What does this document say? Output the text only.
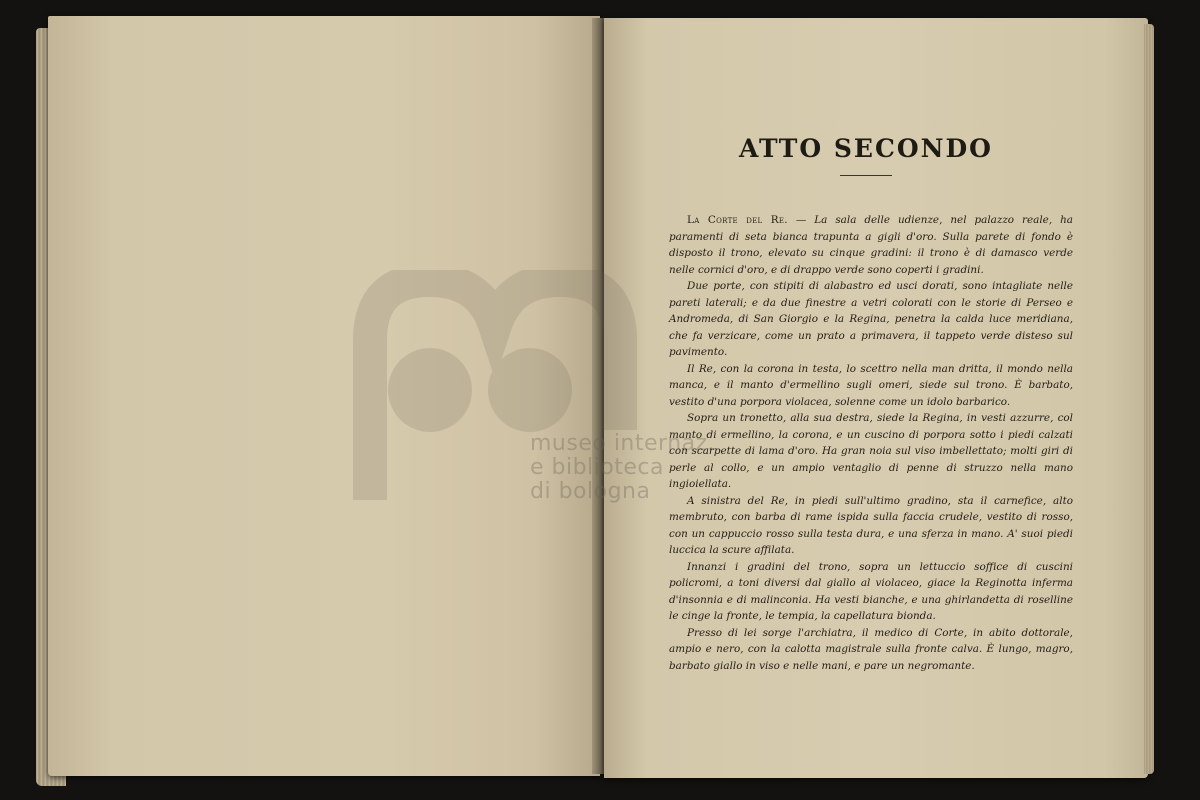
museo internaz.
e biblioteca
di bologna
ATTO SECONDO

La Corte del Re. — La sala delle udienze, nel palazzo reale, ha paramenti di seta bianca trapunta a gigli d'oro. Sulla parete di fondo è disposto il trono, elevato su cinque gradini: il trono è di damasco verde nelle cornici d'oro, e di drappo verde sono coperti i gradini.

Due porte, con stipiti di alabastro ed usci dorati, sono intagliate nelle pareti laterali; e da due finestre a vetri colorati con le storie di Perseo e Andromeda, di San Giorgio e la Regina, penetra la calda luce meridiana, che fa verzicare, come un prato a primavera, il tappeto verde disteso sul pavimento.

Il Re, con la corona in testa, lo scettro nella man dritta, il mondo nella manca, e il manto d'ermellino sugli omeri, siede sul trono. È barbato, vestito d'una porpora violacea, solenne come un idolo barbarico.

Sopra un tronetto, alla sua destra, siede la Regina, in vesti azzurre, col manto di ermellino, la corona, e un cuscino di porpora sotto i piedi calzati con scarpette di lama d'oro. Ha gran noia sul viso imbellettato; molti giri di perle al collo, e un ampio ventaglio di penne di struzzo nella mano ingioiellata.

A sinistra del Re, in piedi sull'ultimo gradino, sta il carnefice, alto membruto, con barba di rame ispida sulla faccia crudele, vestito di rosso, con un cappuccio rosso sulla testa dura, e una sferza in mano. A' suoi piedi luccica la scure affilata.

Innanzi i gradini del trono, sopra un lettuccio soffice di cuscini policromi, a toni diversi dal giallo al violaceo, giace la Reginotta inferma d'insonnia e di malinconia. Ha vesti bianche, e una ghirlandetta di roselline le cinge la fronte, le tempia, la capellatura bionda.

Presso di lei sorge l'archiatra, il medico di Corte, in abito dottorale, ampio e nero, con la calotta magistrale sulla fronte calva. È lungo, magro, barbato giallo in viso e nelle mani, e pare un negromante.
